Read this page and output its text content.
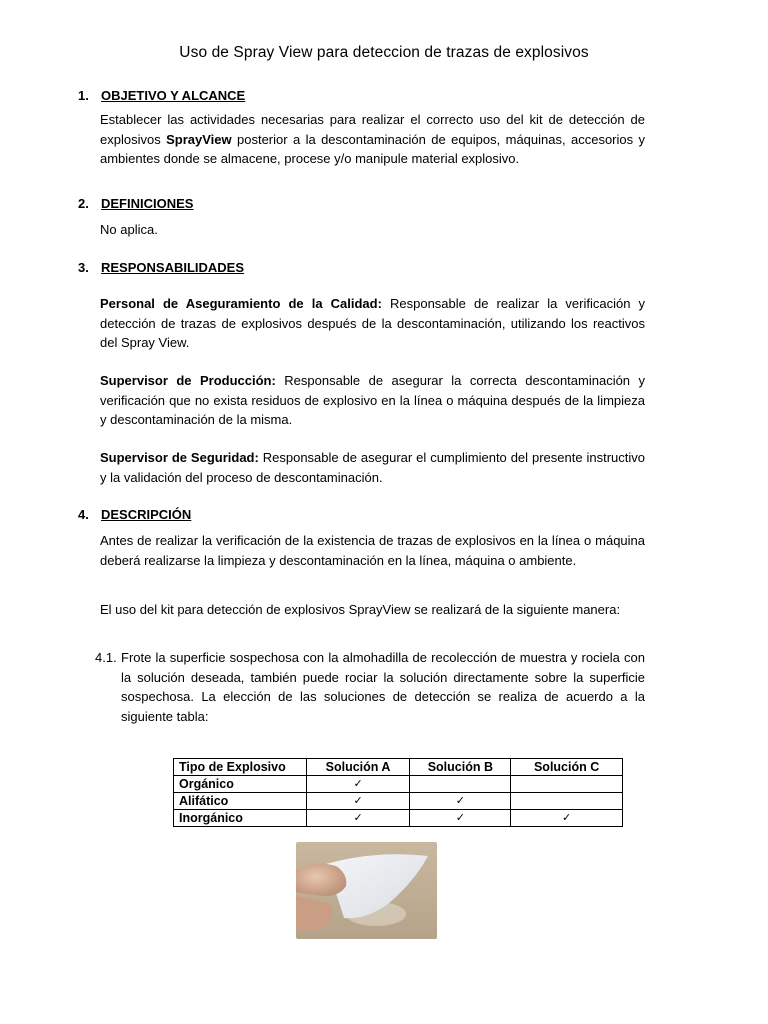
Uso de Spray View para deteccion de trazas de explosivos
1. OBJETIVO Y ALCANCE
Establecer las actividades necesarias para realizar el correcto uso del kit de detección de explosivos SprayView posterior a la descontaminación de equipos, máquinas, accesorios y ambientes donde se almacene, procese y/o manipule material explosivo.
2. DEFINICIONES
No aplica.
3. RESPONSABILIDADES
Personal de Aseguramiento de la Calidad: Responsable de realizar la verificación y detección de trazas de explosivos después de la descontaminación, utilizando los reactivos del Spray View.
Supervisor de Producción: Responsable de asegurar la correcta descontaminación y verificación que no exista residuos de explosivo en la línea o máquina después de la limpieza y descontaminación de la misma.
Supervisor de Seguridad: Responsable de asegurar el cumplimiento del presente instructivo y la validación del proceso de descontaminación.
4. DESCRIPCIÓN
Antes de realizar la verificación de la existencia de trazas de explosivos en la línea o máquina deberá realizarse la limpieza y descontaminación en la línea, máquina o ambiente.
El uso del kit para detección de explosivos SprayView se realizará de la siguiente manera:
4.1. Frote la superficie sospechosa con la almohadilla de recolección de muestra y rociela con la solución deseada, también puede rociar la solución directamente sobre la superficie sospechosa. La elección de las soluciones de detección se realiza de acuerdo a la siguiente tabla:
Tipo de Explosivo	Solución A	Solución B	Solución C
Orgánico	✓		
Alifático	✓	✓	
Inorgánico	✓	✓	✓
